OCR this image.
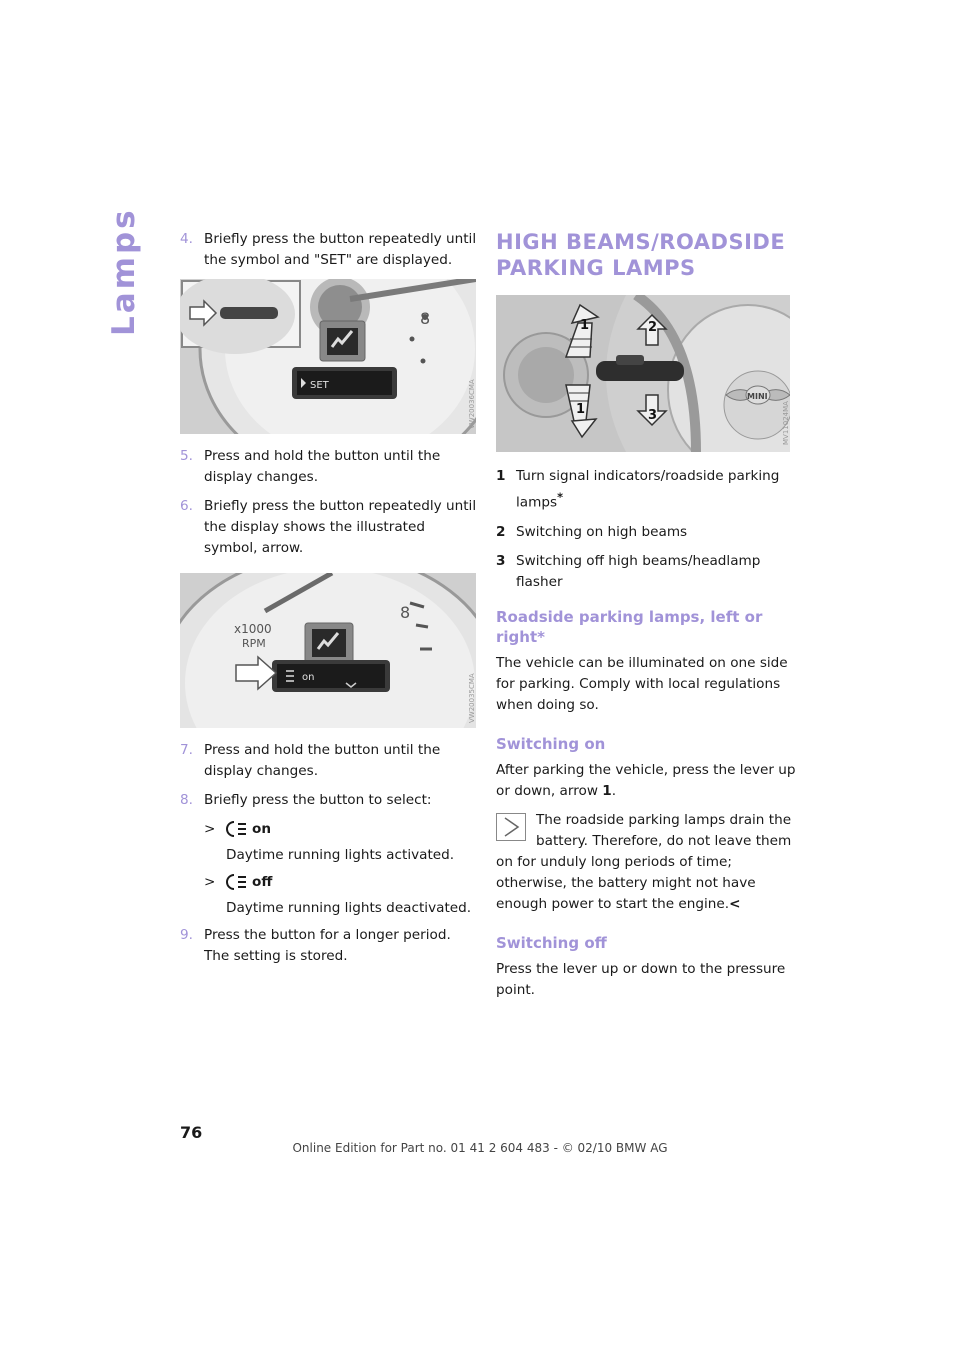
Lamps	4. Briefly press the button repeatedly until the symbol and "SET" are displayed.
8
SET	VW20036CMA
5. Press and hold the button until the display changes.
6. Briefly press the button repeatedly until the display shows the illustrated symbol, arrow.
8
x1000
RPM
on	VW20035CMA
7. Press and hold the button until the display changes.
8. Briefly press the button to select:
>	on
Daytime running lights activated.
>	off
Daytime running lights deactivated.
9. Press the button for a longer period.
The setting is stored.
HIGH BEAMS/ROADSIDE
PARKING LAMPS
MINI
1
1
2
3	MV11024MA
1 Turn signal indicators/roadside parking lamps*
2 Switching on high beams
3 Switching off high beams/headlamp flasher
Roadside parking lamps, left or right*

The vehicle can be illuminated on one side for parking. Comply with local regulations when doing so.

Switching on

After parking the vehicle, press the lever up or down, arrow 1.

The roadside parking lamps drain the battery. Therefore, do not leave them on for unduly long periods of time; otherwise, the battery might not have enough power to start the engine.<
Switching off

Press the lever up or down to the pressure point.

76
Online Edition for Part no. 01 41 2 604 483 - © 02/10 BMW AG
